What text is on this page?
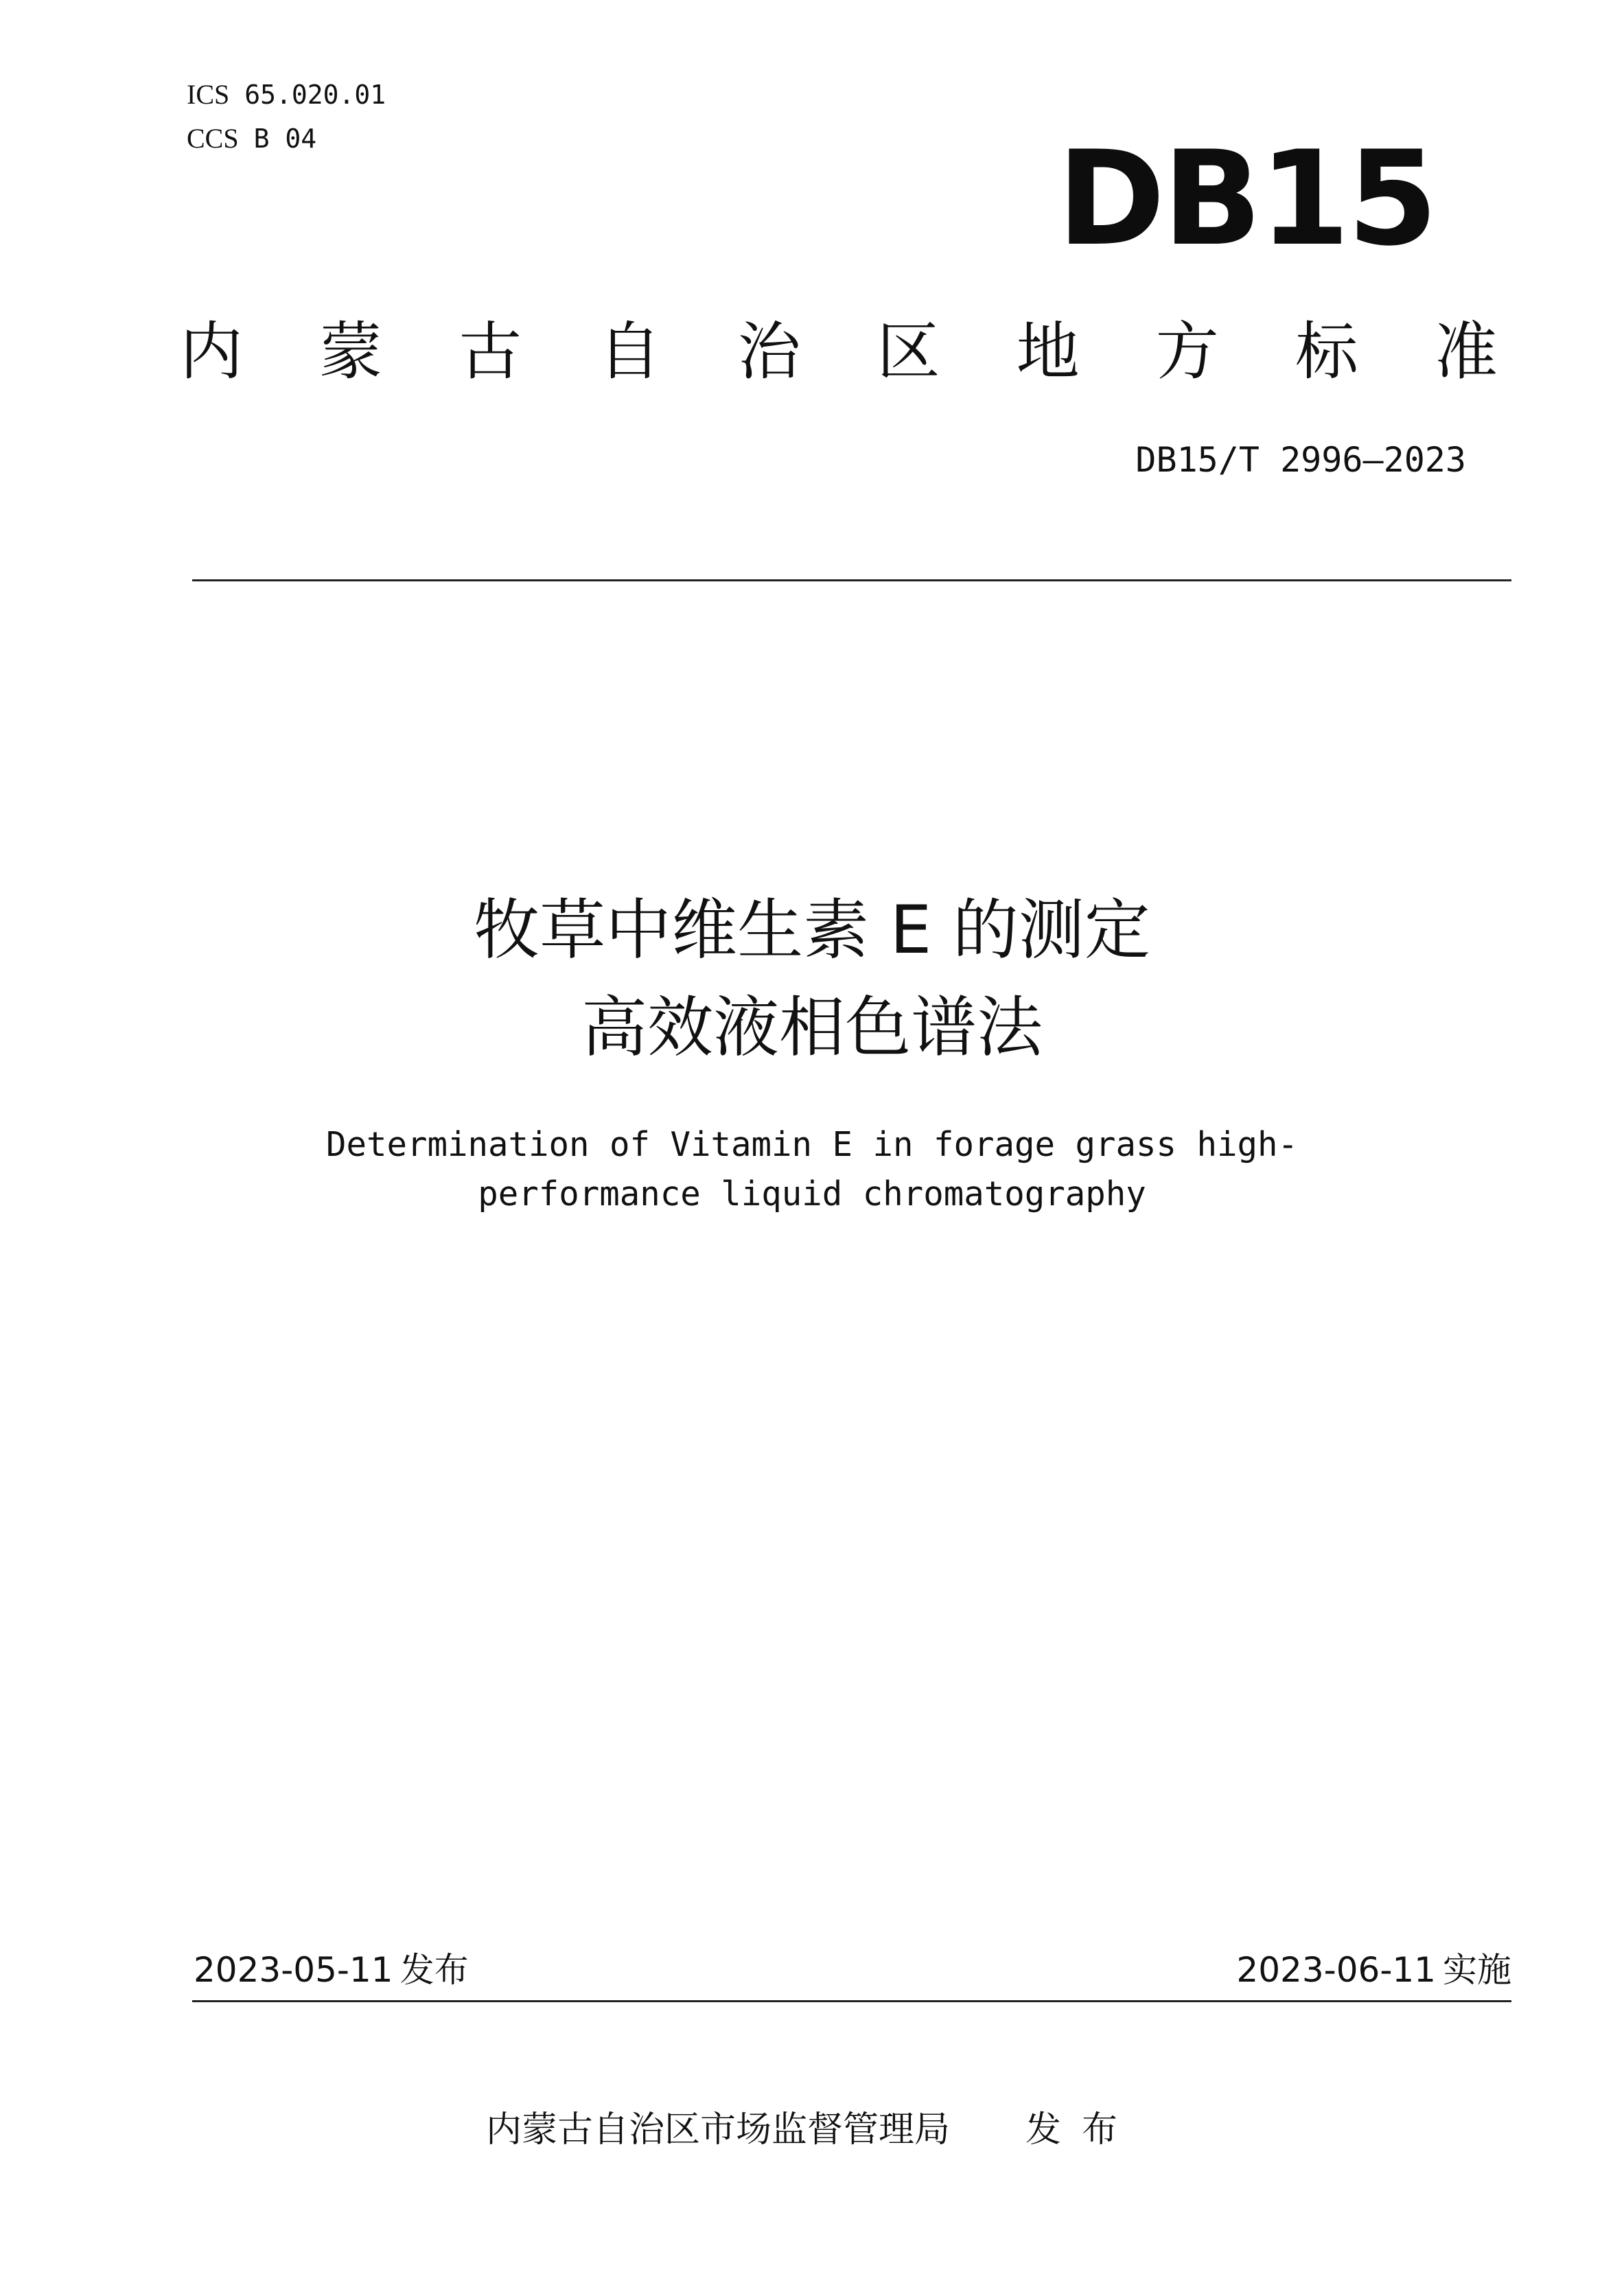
ICS 65.020.01
CCS B 04	DB15
内 蒙 古 自 治 区 地 方 标 准
DB15/T 2996—2023
牧草中维生素 E 的测定
高效液相色谱法
Determination of Vitamin E in forage grass high-
performance liquid chromatography
2023-05-11 发布	2023-06-11 实施
内蒙古自治区市场监督管理局 发布
